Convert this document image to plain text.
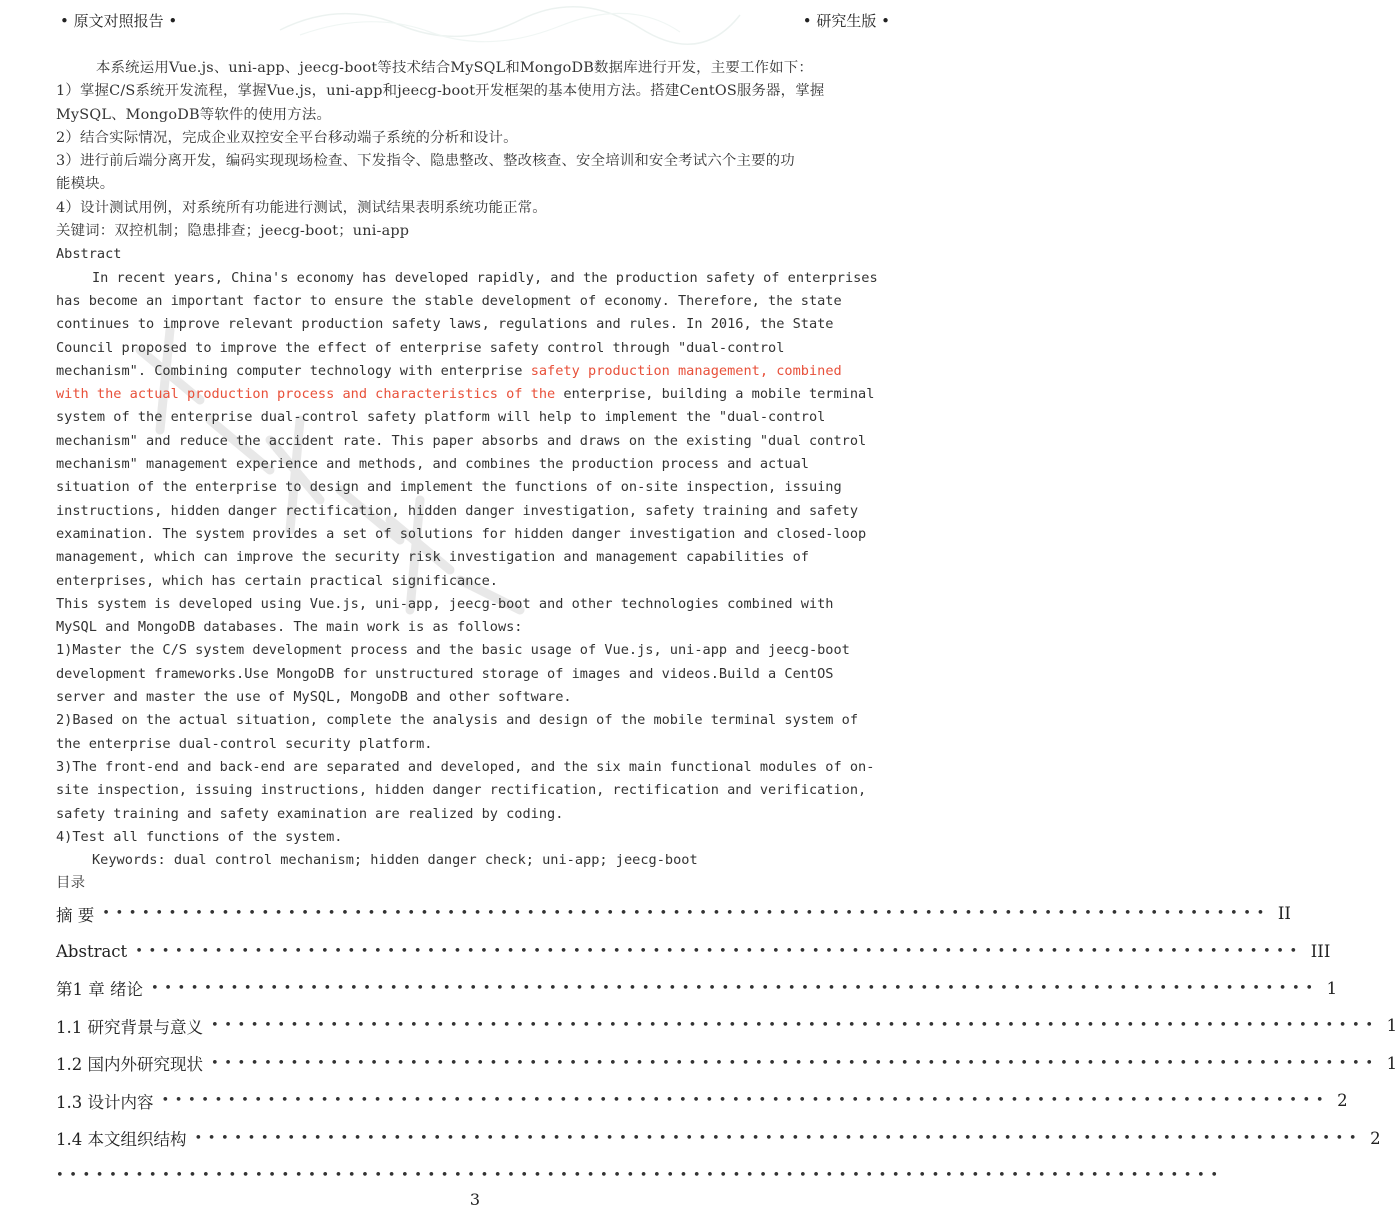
• 原文对照报告 •	• 研究生版 •
本系统运用Vue.js、uni-app、jeecg-boot等技术结合MySQL和MongoDB数据库进行开发，主要工作如下：
1）掌握C/S系统开发流程，掌握Vue.js，uni-app和jeecg-boot开发框架的基本使用方法。搭建CentOS服务器，掌握
MySQL、MongoDB等软件的使用方法。
2）结合实际情况，完成企业双控安全平台移动端子系统的分析和设计。
3）进行前后端分离开发，编码实现现场检查、下发指令、隐患整改、整改核查、安全培训和安全考试六个主要的功
能模块。
4）设计测试用例，对系统所有功能进行测试，测试结果表明系统功能正常。
关键词：双控机制；隐患排查；jeecg-boot；uni-app
Abstract
In recent years, China's economy has developed rapidly, and the production safety of enterprises
has become an important factor to ensure the stable development of economy. Therefore, the state
continues to improve relevant production safety laws, regulations and rules. In 2016, the State
Council proposed to improve the effect of enterprise safety control through "dual-control
mechanism". Combining computer technology with enterprise safety production management, combined
with the actual production process and characteristics of the enterprise, building a mobile terminal
system of the enterprise dual-control safety platform will help to implement the "dual-control
mechanism" and reduce the accident rate. This paper absorbs and draws on the existing "dual control
mechanism" management experience and methods, and combines the production process and actual
situation of the enterprise to design and implement the functions of on-site inspection, issuing
instructions, hidden danger rectification, hidden danger investigation, safety training and safety
examination. The system provides a set of solutions for hidden danger investigation and closed-loop
management, which can improve the security risk investigation and management capabilities of
enterprises, which has certain practical significance.
This system is developed using Vue.js, uni-app, jeecg-boot and other technologies combined with
MySQL and MongoDB databases. The main work is as follows:
1)Master the C/S system development process and the basic usage of Vue.js, uni-app and jeecg-boot
development frameworks.Use MongoDB for unstructured storage of images and videos.Build a CentOS
server and master the use of MySQL, MongoDB and other software.
2)Based on the actual situation, complete the analysis and design of the mobile terminal system of
the enterprise dual-control security platform.
3)The front-end and back-end are separated and developed, and the six main functional modules of on-
site inspection, issuing instructions, hidden danger rectification, rectification and verification,
safety training and safety examination are realized by coding.
4)Test all functions of the system.
Keywords: dual control mechanism; hidden danger check; uni-app; jeecg-boot
目录
摘 要 •••••••••••••••••••••••••••••••••••••••••••••••••••••••••••••••••••••••••••••••••••••••• II
Abstract •••••••••••••••••••••••••••••••••••••••••••••••••••••••••••••••••••••••••••••••••••••••• III
第1 章 绪论 •••••••••••••••••••••••••••••••••••••••••••••••••••••••••••••••••••••••••••••••••••••••• 1
1.1 研究背景与意义 •••••••••••••••••••••••••••••••••••••••••••••••••••••••••••••••••••••••••••••••••••••••• 1
1.2 国内外研究现状 •••••••••••••••••••••••••••••••••••••••••••••••••••••••••••••••••••••••••••••••••••••••• 1
1.3 设计内容 •••••••••••••••••••••••••••••••••••••••••••••••••••••••••••••••••••••••••••••••••••••••• 2
1.4 本文组织结构 •••••••••••••••••••••••••••••••••••••••••••••••••••••••••••••••••••••••••••••••••••••••• 2
••••••••••••••••••••••••••••••••••••••••••••••••••••••••••••••••••••••••••••••••••••••••
3
